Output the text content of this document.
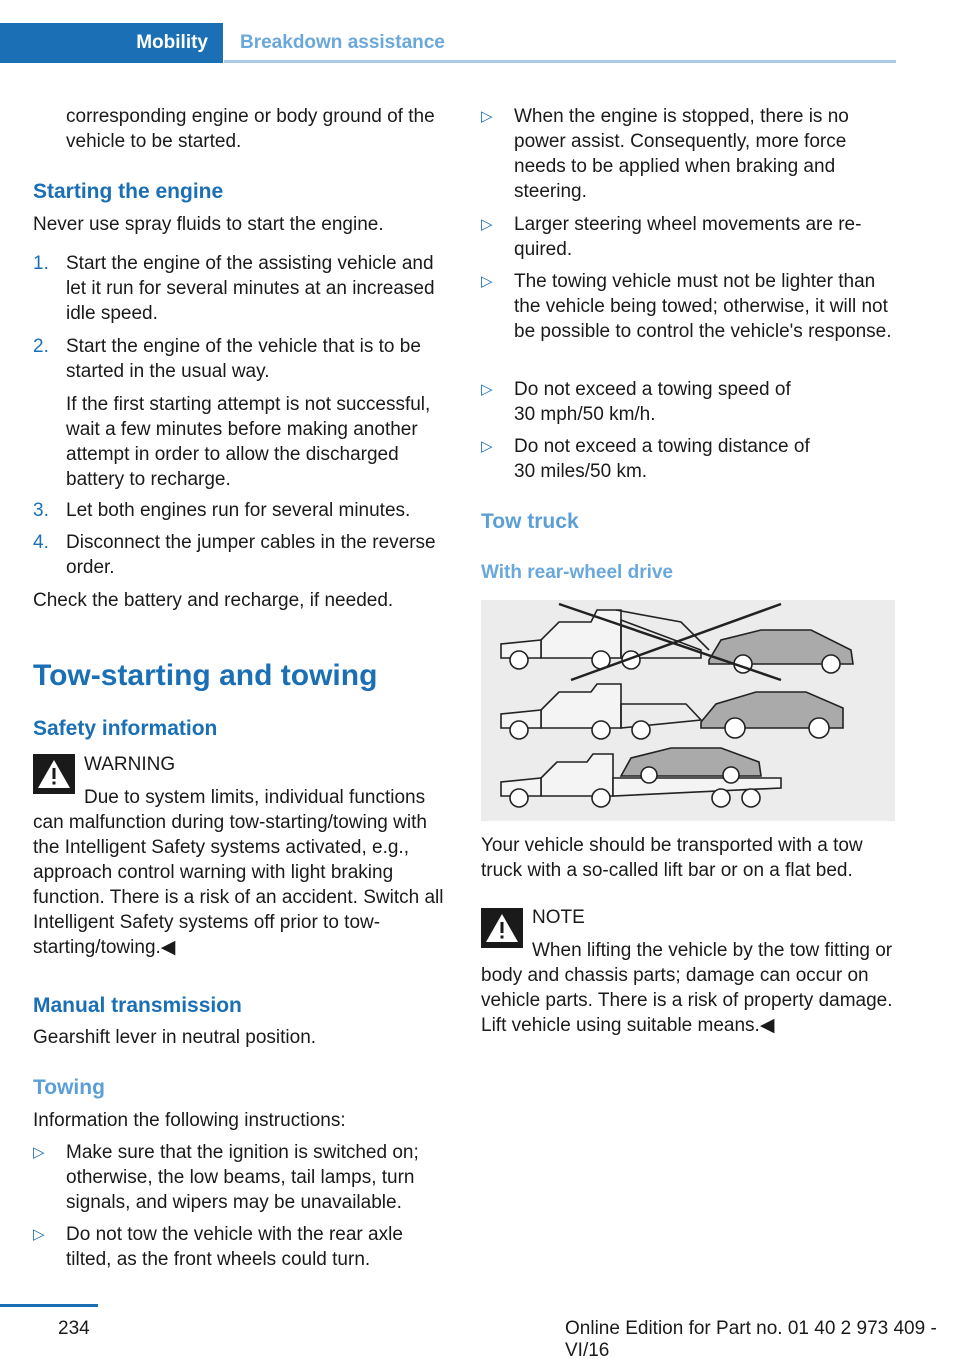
Mobility	Breakdown assistance
corresponding engine or body ground of the vehicle to be started.
Starting the engine
Never use spray fluids to start the engine.
1. Start the engine of the assisting vehicle and let it run for several minutes at an increased idle speed.
2. Start the engine of the vehicle that is to be started in the usual way.
If the first starting attempt is not successful, wait a few minutes before making another attempt in order to allow the discharged battery to recharge.
3. Let both engines run for several minutes.
4. Disconnect the jumper cables in the reverse order.
Check the battery and recharge, if needed.
Tow-starting and towing
Safety information
WARNING
Due to system limits, individual functions can malfunction during tow-starting/towing with the Intelligent Safety systems activated, e.g., approach control warning with light braking function. There is a risk of an accident. Switch all Intelligent Safety systems off prior to tow-starting/towing.◀
Manual transmission
Gearshift lever in neutral position.
Towing
Information the following instructions:
▷ Make sure that the ignition is switched on; otherwise, the low beams, tail lamps, turn signals, and wipers may be unavailable.
▷ Do not tow the vehicle with the rear axle tilted, as the front wheels could turn.
▷ When the engine is stopped, there is no power assist. Consequently, more force needs to be applied when braking and steering.
▷ Larger steering wheel movements are required.
▷ The towing vehicle must not be lighter than the vehicle being towed; otherwise, it will not be possible to control the vehicle's response.
▷ Do not exceed a towing speed of 30 mph/50 km/h.
▷ Do not exceed a towing distance of 30 miles/50 km.
Tow truck
With rear-wheel drive
Your vehicle should be transported with a tow truck with a so-called lift bar or on a flat bed.
NOTE
When lifting the vehicle by the tow fitting or body and chassis parts; damage can occur on vehicle parts. There is a risk of property damage. Lift vehicle using suitable means.◀
234	Online Edition for Part no. 01 40 2 973 409 - VI/16
